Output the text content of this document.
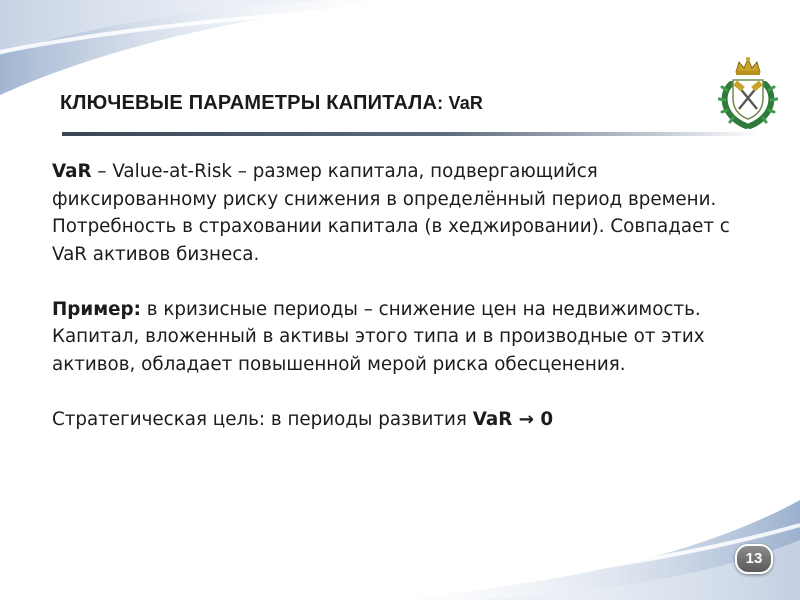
КЛЮЧЕВЫЕ ПАРАМЕТРЫ КАПИТАЛА: VaR

VaR – Value-at-Risk – размер капитала, подвергающийся фиксированному риску снижения в определённый период времени. Потребность в страховании капитала (в хеджировании). Совпадает с VaR активов бизнеса.

Пример: в кризисные периоды – снижение цен на недвижимость. Капитал, вложенный в активы этого типа и в производные от этих активов, обладает повышенной мерой риска обесценения.

Стратегическая цель: в периоды развития VaR → 0

13
